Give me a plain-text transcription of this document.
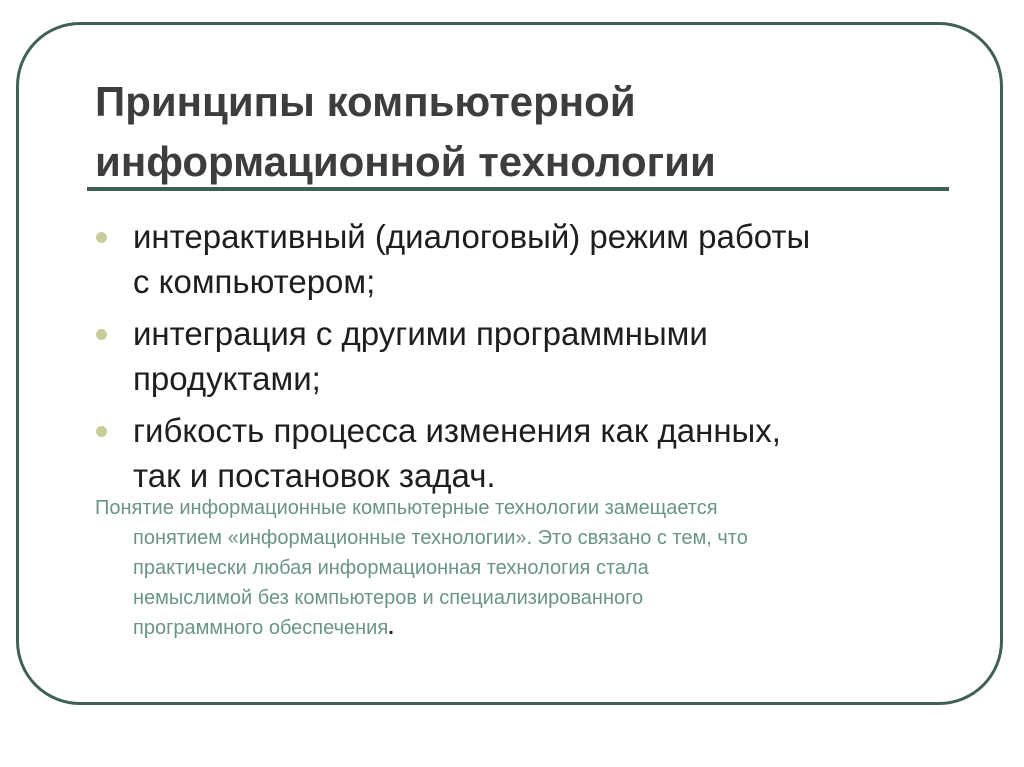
Принципы компьютерной
информационной технологии
интерактивный (диалоговый) режим работы
с компьютером;
интеграция с другими программными
продуктами;
гибкость процесса изменения как данных,
так и постановок задач.

Понятие информационные компьютерные технологии замещается
понятием «информационные технологии». Это связано с тем, что
практически любая информационная технология стала
немыслимой без компьютеров и специализированного
программного обеспечения.
